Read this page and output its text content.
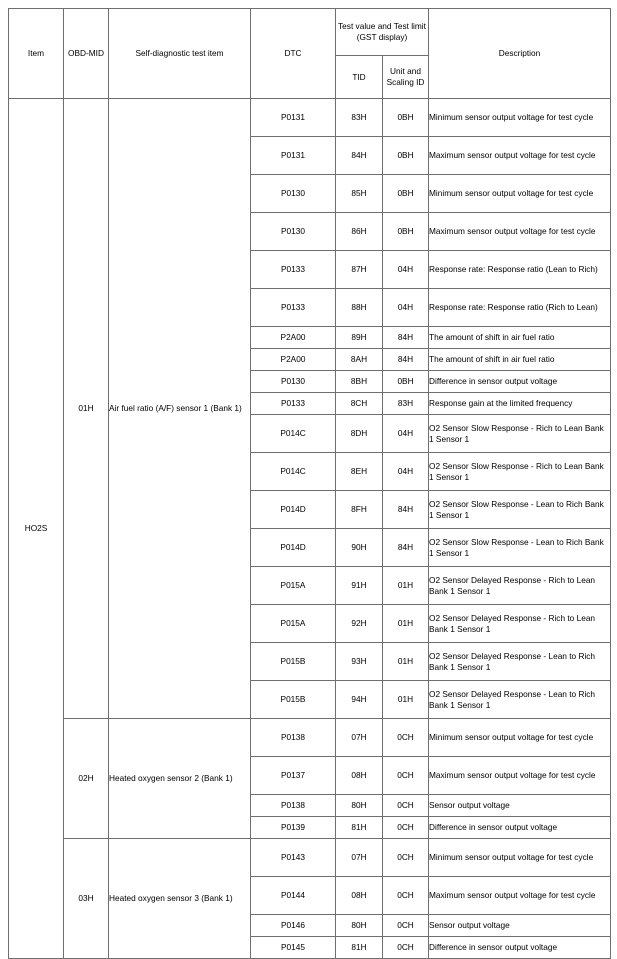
Item	OBD-MID	Self-diagnostic test item	DTC	Test value and Test limit (GST display)		Description
				TID	Unit and Scaling ID	
HO2S	01H	Air fuel ratio (A/F) sensor 1 (Bank 1)	P0131	83H	0BH	Minimum sensor output voltage for test cycle
			P0131	84H	0BH	Maximum sensor output voltage for test cycle
			P0130	85H	0BH	Minimum sensor output voltage for test cycle
			P0130	86H	0BH	Maximum sensor output voltage for test cycle
			P0133	87H	04H	Response rate: Response ratio (Lean to Rich)
			P0133	88H	04H	Response rate: Response ratio (Rich to Lean)
			P2A00	89H	84H	The amount of shift in air fuel ratio
			P2A00	8AH	84H	The amount of shift in air fuel ratio
			P0130	8BH	0BH	Difference in sensor output voltage
			P0133	8CH	83H	Response gain at the limited frequency
			P014C	8DH	04H	O2 Sensor Slow Response - Rich to Lean Bank 1 Sensor 1
			P014C	8EH	04H	O2 Sensor Slow Response - Rich to Lean Bank 1 Sensor 1
			P014D	8FH	84H	O2 Sensor Slow Response - Lean to Rich Bank 1 Sensor 1
			P014D	90H	84H	O2 Sensor Slow Response - Lean to Rich Bank 1 Sensor 1
			P015A	91H	01H	O2 Sensor Delayed Response - Rich to Lean Bank 1 Sensor 1
			P015A	92H	01H	O2 Sensor Delayed Response - Rich to Lean Bank 1 Sensor 1
			P015B	93H	01H	O2 Sensor Delayed Response - Lean to Rich Bank 1 Sensor 1
			P015B	94H	01H	O2 Sensor Delayed Response - Lean to Rich Bank 1 Sensor 1
	02H	Heated oxygen sensor 2 (Bank 1)	P0138	07H	0CH	Minimum sensor output voltage for test cycle
			P0137	08H	0CH	Maximum sensor output voltage for test cycle
			P0138	80H	0CH	Sensor output voltage
			P0139	81H	0CH	Difference in sensor output voltage
	03H	Heated oxygen sensor 3 (Bank 1)	P0143	07H	0CH	Minimum sensor output voltage for test cycle
			P0144	08H	0CH	Maximum sensor output voltage for test cycle
			P0146	80H	0CH	Sensor output voltage
			P0145	81H	0CH	Difference in sensor output voltage
